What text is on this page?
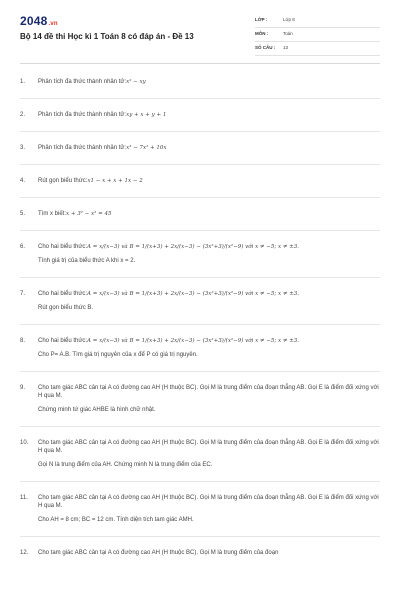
2048.vn
Bộ 14 đề thi Học kì 1 Toán 8 có đáp án - Đề 13
LỚP :	Lớp 8
MÔN :	Toán
SỐ CÂU : 13
1.	Phân tích đa thức thành nhân tử:x² − xy
2.	Phân tích đa thức thành nhân tử:xy + x + y + 1
3.	Phân tích đa thức thành nhân tử:x³ − 7x² + 10x
4.	Rút gọn biểu thức:x1 − x + x + 1x − 2
5.	Tìm x biết:x + 3² − x² = 45
6.	Cho hai biểu thức:A = x/(x−3) và B = 1/(x+3) + 2x/(x−3) − (3x²+3)/(x²−9) với x ≠ −5; x ≠ ±3.
Tính giá trị của biểu thức A khi x = 2.
7.	Cho hai biểu thức:A = x/(x−3) và B = 1/(x+3) + 2x/(x−3) − (3x²+3)/(x²−9) với x ≠ −5; x ≠ ±3.
Rút gọn biểu thức B.
8.	Cho hai biểu thức:A = x/(x−3) và B = 1/(x+3) + 2x/(x−3) − (3x²+3)/(x²−9) với x ≠ −5; x ≠ ±3.
Cho P= A.B. Tìm giá trị nguyên của x để P có giá trị nguyên.
9.	Cho tam giác ABC cân tại A có đường cao AH (H thuộc BC). Gọi M là trung điểm của đoạn thẳng AB. Gọi E là điểm đối xứng với H qua M.
Chứng minh tứ giác AHBE là hình chữ nhật.
10.	Cho tam giác ABC cân tại A có đường cao AH (H thuộc BC). Gọi M là trung điểm của đoạn thẳng AB. Gọi E là điểm đối xứng với H qua M.
Gọi N là trung điểm của AH. Chứng minh N là trung điểm của EC.
11.	Cho tam giác ABC cân tại A có đường cao AH (H thuộc BC). Gọi M là trung điểm của đoạn thẳng AB. Gọi E là điểm đối xứng với H qua M.
Cho AH = 8 cm; BC = 12 cm. Tính diện tích tam giác AMH.
12.	Cho tam giác ABC cân tại A có đường cao AH (H thuộc BC). Gọi M là trung điểm của đoạn
